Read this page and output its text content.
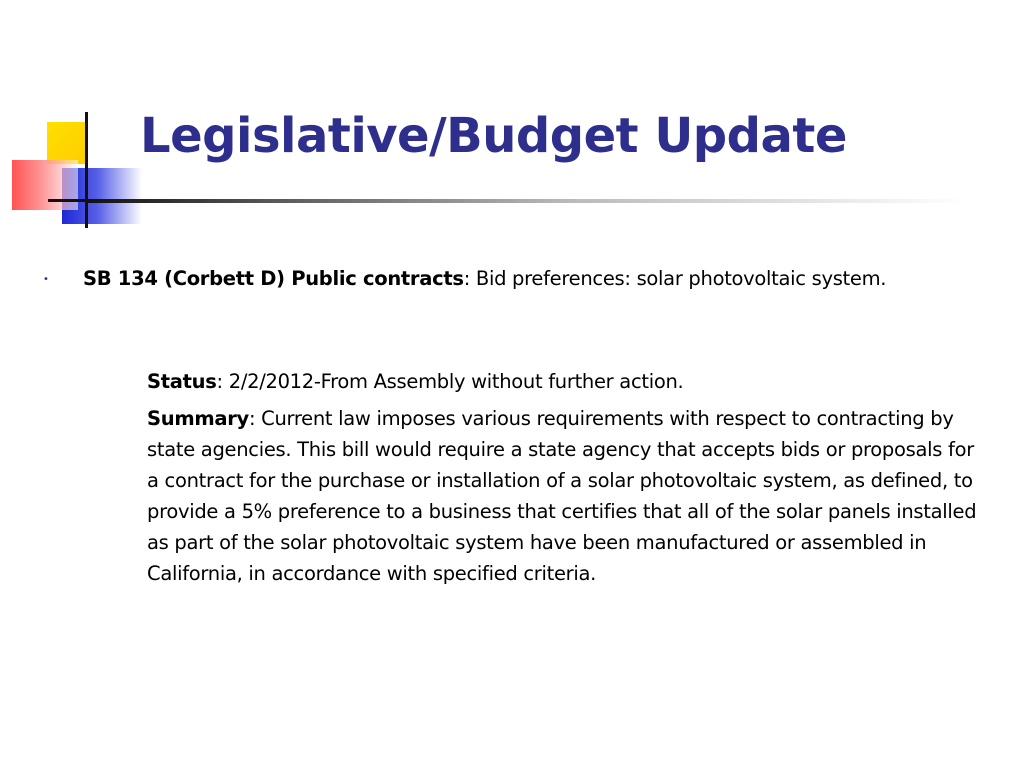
Legislative/Budget Update
• SB 134 (Corbett D) Public contracts: Bid preferences: solar photovoltaic system.
Status: 2/2/2012-From Assembly without further action.
Summary: Current law imposes various requirements with respect to contracting by state agencies. This bill would require a state agency that accepts bids or proposals for a contract for the purchase or installation of a solar photovoltaic system, as defined, to provide a 5% preference to a business that certifies that all of the solar panels installed as part of the solar photovoltaic system have been manufactured or assembled in California, in accordance with specified criteria.
